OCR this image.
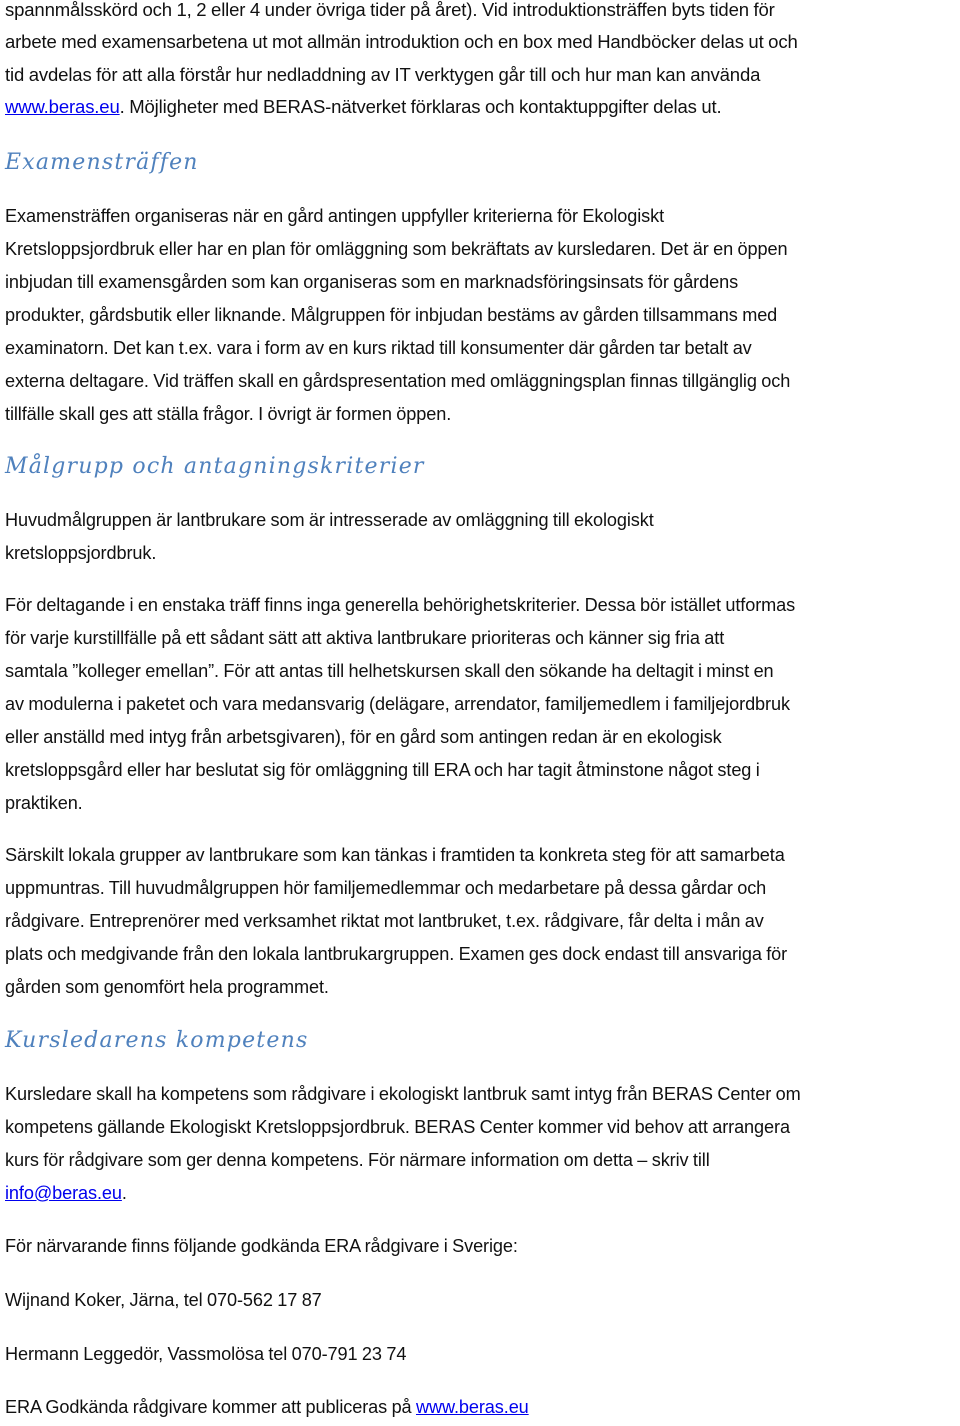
spannmålsskörd och 1, 2 eller 4 under övriga tider på året). Vid introduktionsträffen byts tiden för
arbete med examensarbetena ut mot allmän introduktion och en box med Handböcker delas ut och
tid avdelas för att alla förstår hur nedladdning av IT verktygen går till och hur man kan använda
www.beras.eu. Möjligheter med BERAS-nätverket förklaras och kontaktuppgifter delas ut.
Examensträffen
Examensträffen organiseras när en gård antingen uppfyller kriterierna för Ekologiskt
Kretsloppsjordbruk eller har en plan för omläggning som bekräftats av kursledaren. Det är en öppen
inbjudan till examensgården som kan organiseras som en marknadsföringsinsats för gårdens
produkter, gårdsbutik eller liknande. Målgruppen för inbjudan bestäms av gården tillsammans med
examinatorn. Det kan t.ex. vara i form av en kurs riktad till konsumenter där gården tar betalt av
externa deltagare. Vid träffen skall en gårdspresentation med omläggningsplan finnas tillgänglig och
tillfälle skall ges att ställa frågor. I övrigt är formen öppen.
Målgrupp och antagningskriterier
Huvudmålgruppen är lantbrukare som är intresserade av omläggning till ekologiskt
kretsloppsjordbruk.
För deltagande i en enstaka träff finns inga generella behörighetskriterier. Dessa bör istället utformas
för varje kurstillfälle på ett sådant sätt att aktiva lantbrukare prioriteras och känner sig fria att
samtala ”kolleger emellan”. För att antas till helhetskursen skall den sökande ha deltagit i minst en
av modulerna i paketet och vara medansvarig (delägare, arrendator, familjemedlem i familjejordbruk
eller anställd med intyg från arbetsgivaren), för en gård som antingen redan är en ekologisk
kretsloppsgård eller har beslutat sig för omläggning till ERA och har tagit åtminstone något steg i
praktiken.
Särskilt lokala grupper av lantbrukare som kan tänkas i framtiden ta konkreta steg för att samarbeta
uppmuntras. Till huvudmålgruppen hör familjemedlemmar och medarbetare på dessa gårdar och
rådgivare. Entreprenörer med verksamhet riktat mot lantbruket, t.ex. rådgivare, får delta i mån av
plats och medgivande från den lokala lantbrukargruppen. Examen ges dock endast till ansvariga för
gården som genomfört hela programmet.
Kursledarens kompetens
Kursledare skall ha kompetens som rådgivare i ekologiskt lantbruk samt intyg från BERAS Center om
kompetens gällande Ekologiskt Kretsloppsjordbruk. BERAS Center kommer vid behov att arrangera
kurs för rådgivare som ger denna kompetens. För närmare information om detta – skriv till
info@beras.eu.
För närvarande finns följande godkända ERA rådgivare i Sverige:
Wijnand Koker, Järna, tel 070-562 17 87
Hermann Leggedör, Vassmolösa tel 070-791 23 74
ERA Godkända rådgivare kommer att publiceras på www.beras.eu
